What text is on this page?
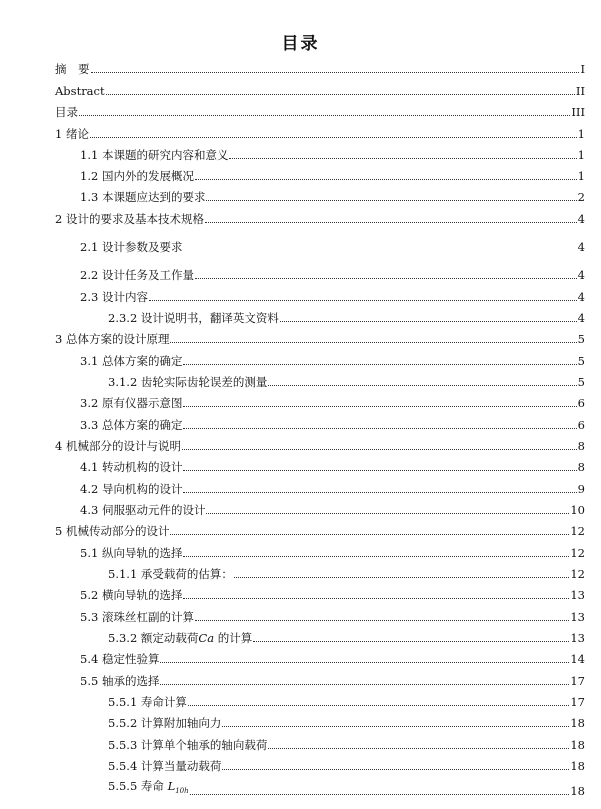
目录
摘　要	I
Abstract	II
目录	III
1 绪论	1
1.1 本课题的研究内容和意义	1
1.2 国内外的发展概况	1
1.3 本课题应达到的要求	2
2 设计的要求及基本技术规格	4
2.1 设计参数及要求	4
2.2 设计任务及工作量	4
2.3 设计内容	4
2.3.2 设计说明书，翻译英文资料	4
3 总体方案的设计原理	5
3.1 总体方案的确定	5
3.1.2 齿轮实际齿轮误差的测量	5
3.2 原有仪器示意图	6
3.3 总体方案的确定	6
4 机械部分的设计与说明	8
4.1 转动机构的设计	8
4.2 导向机构的设计	9
4.3 伺服驱动元件的设计	10
5 机械传动部分的设计	12
5.1 纵向导轨的选择	12
5.1.1 承受载荷的估算：	12
5.2 横向导轨的选择	13
5.3 滚珠丝杠副的计算	13
5.3.2 额定动载荷Ca 的计算	13
5.4 稳定性验算	14
5.5 轴承的选择	17
5.5.1 寿命计算	17
5.5.2 计算附加轴向力	18
5.5.3 计算单个轴承的轴向载荷	18
5.5.4 计算当量动载荷	18
5.5.5 寿命 $L_{10h}$	18
